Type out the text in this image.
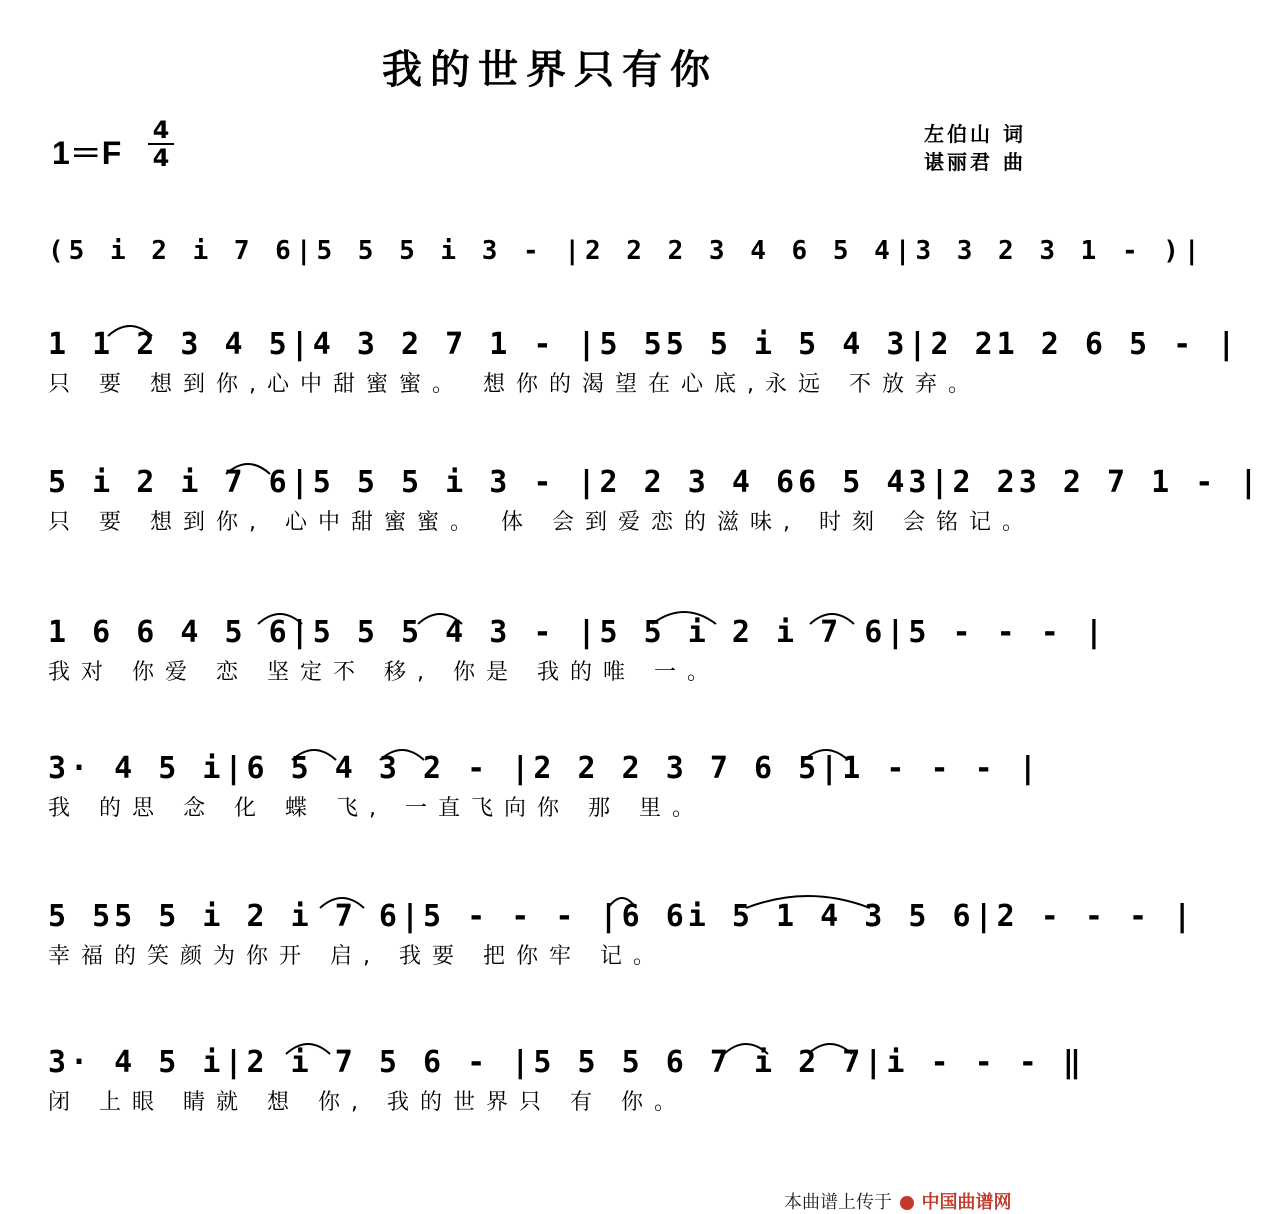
我的世界只有你
1＝F
4
4
左伯山 词
谌丽君 曲
(5 i 2 i 7 6|5 5 5 i 3 - |2 2 2 3 4 6 5 4|3 3 2 3 1 - )|
1 1 2 3 4 5|4 3 2 7 1 - |5 55 5 i 5 4 3|2 21 2 6 5 - |
只 要 想到你,心中甜蜜蜜。 想你的渴望在心底,永远 不放弃。
5 i 2 i 7 6|5 5 5 i 3 - |2 2 3 4 66 5 43|2 23 2 7 1 - |
只 要 想到你, 心中甜蜜蜜。 体 会到爱恋的滋味, 时刻 会铭记。
1 6 6 4 5 6|5 5 5 4 3 - |5 5 i 2 i 7 6|5 - - - |
我对 你爱 恋 坚定不 移, 你是 我的唯 一。
3· 4 5 i|6 5 4 3 2 - |2 2 2 3 7 6 5|1 - - - |
我 的思 念 化 蝶 飞, 一直飞向你 那 里。
5 55 5 i 2 i 7 6|5 - - - |6 6i 5 1 4 3 5 6|2 - - - |
幸福的笑颜为你开 启, 我要 把你牢 记。
3· 4 5 i|2 i 7 5 6 - |5 5 5 6 7 i 2 7|i - - - ‖
闭 上眼 睛就 想 你, 我的世界只 有 你。
本曲谱上传于 中国曲谱网
